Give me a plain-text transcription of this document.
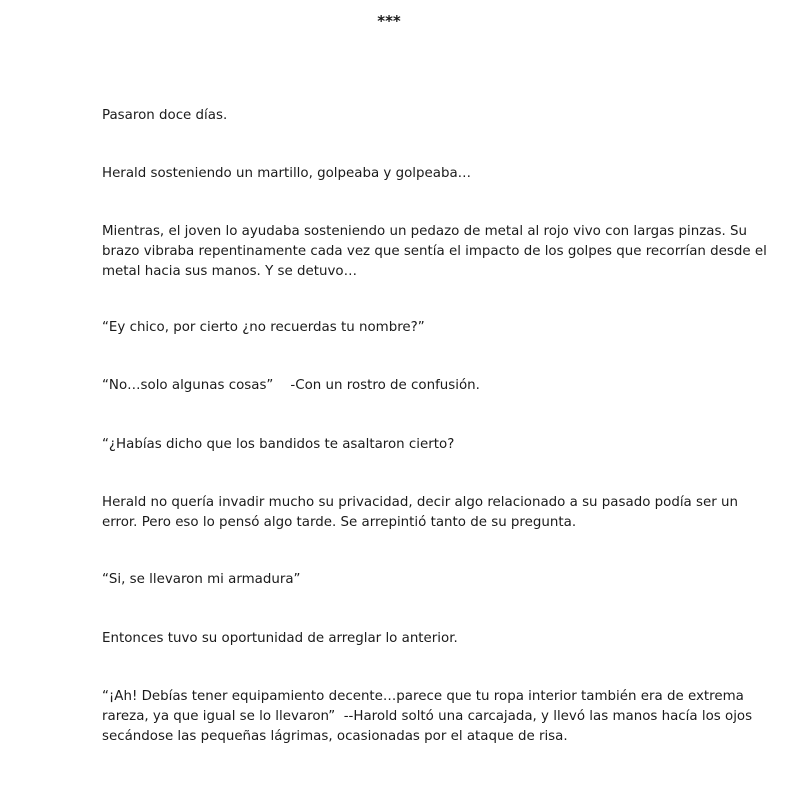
***

Pasaron doce días.

Herald sosteniendo un martillo, golpeaba y golpeaba…

Mientras, el joven lo ayudaba sosteniendo un pedazo de metal al rojo vivo con largas pinzas. Su
brazo vibraba repentinamente cada vez que sentía el impacto de los golpes que recorrían desde el
metal hacia sus manos. Y se detuvo…

“Ey chico, por cierto ¿no recuerdas tu nombre?”

“No…solo algunas cosas”    -Con un rostro de confusión.

“¿Habías dicho que los bandidos te asaltaron cierto?

Herald no quería invadir mucho su privacidad, decir algo relacionado a su pasado podía ser un
error. Pero eso lo pensó algo tarde. Se arrepintió tanto de su pregunta.

“Si, se llevaron mi armadura”

Entonces tuvo su oportunidad de arreglar lo anterior.

“¡Ah! Debías tener equipamiento decente…parece que tu ropa interior también era de extrema
rareza, ya que igual se lo llevaron”  --Harold soltó una carcajada, y llevó las manos hacía los ojos
secándose las pequeñas lágrimas, ocasionadas por el ataque de risa.
